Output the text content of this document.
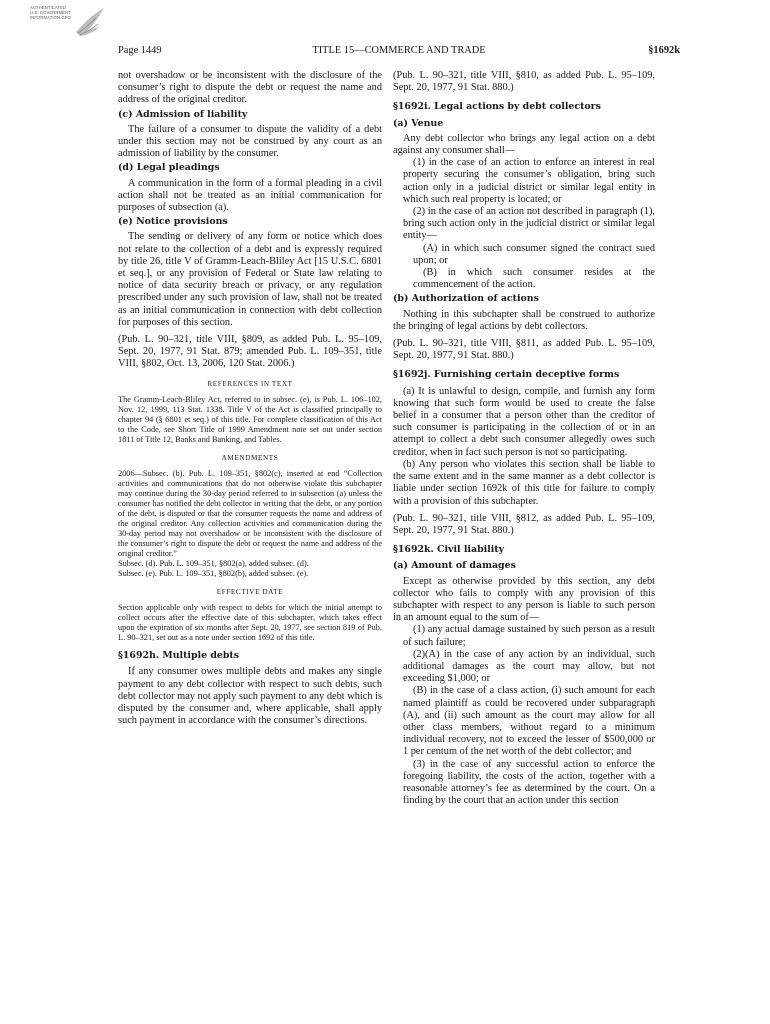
AUTHENTICATED U.S. GOVERNMENT INFORMATION GPO
Page 1449	TITLE 15—COMMERCE AND TRADE	§1692k

not overshadow or be inconsistent with the disclosure of the consumer’s right to dispute the debt or request the name and address of the original creditor.

(c) Admission of liability

The failure of a consumer to dispute the validity of a debt under this section may not be construed by any court as an admission of liability by the consumer.

(d) Legal pleadings

A communication in the form of a formal pleading in a civil action shall not be treated as an initial communication for purposes of subsection (a).

(e) Notice provisions

The sending or delivery of any form or notice which does not relate to the collection of a debt and is expressly required by title 26, title V of Gramm-Leach-Bliley Act [15 U.S.C. 6801 et seq.], or any provision of Federal or State law relating to notice of data security breach or privacy, or any regulation prescribed under any such provision of law, shall not be treated as an initial communication in connection with debt collection for purposes of this section.

(Pub. L. 90–321, title VIII, §809, as added Pub. L. 95–109, Sept. 20, 1977, 91 Stat. 879; amended Pub. L. 109–351, title VIII, §802, Oct. 13, 2006, 120 Stat. 2006.)

REFERENCES IN TEXT

The Gramm-Leach-Bliley Act, referred to in subsec. (e), is Pub. L. 106–102, Nov. 12, 1999, 113 Stat. 1338. Title V of the Act is classified principally to chapter 94 (§ 6801 et seq.) of this title. For complete classification of this Act to the Code, see Short Title of 1999 Amendment note set out under section 1811 of Title 12, Banks and Banking, and Tables.

AMENDMENTS

2006—Subsec. (b). Pub. L. 109–351, §802(c), inserted at end “Collection activities and communications that do not otherwise violate this subchapter may continue during the 30-day period referred to in subsection (a) unless the consumer has notified the debt collector in writing that the debt, or any portion of the debt, is disputed or that the consumer requests the name and address of the original creditor. Any collection activities and communication during the 30-day period may not overshadow or be inconsistent with the disclosure of the consumer’s right to dispute the debt or request the name and address of the original creditor.”

Subsec. (d). Pub. L. 109–351, §802(a), added subsec. (d).

Subsec. (e). Pub. L. 109–351, §802(b), added subsec. (e).

EFFECTIVE DATE

Section applicable only with respect to debts for which the initial attempt to collect occurs after the effective date of this subchapter, which takes effect upon the expiration of six months after Sept. 20, 1977, see section 819 of Pub. L. 90–321, set out as a note under section 1692 of this title.

§1692h. Multiple debts

If any consumer owes multiple debts and makes any single payment to any debt collector with respect to such debts, such debt collector may not apply such payment to any debt which is disputed by the consumer and, where applicable, shall apply such payment in accordance with the consumer’s directions.

(Pub. L. 90–321, title VIII, §810, as added Pub. L. 95–109, Sept. 20, 1977, 91 Stat. 880.)

§1692i. Legal actions by debt collectors

(a) Venue

Any debt collector who brings any legal action on a debt against any consumer shall—

(1) in the case of an action to enforce an interest in real property securing the consumer’s obligation, bring such action only in a judicial district or similar legal entity in which such real property is located; or

(2) in the case of an action not described in paragraph (1), bring such action only in the judicial district or similar legal entity—

(A) in which such consumer signed the contract sued upon; or

(B) in which such consumer resides at the commencement of the action.

(b) Authorization of actions

Nothing in this subchapter shall be construed to authorize the bringing of legal actions by debt collectors.

(Pub. L. 90–321, title VIII, §811, as added Pub. L. 95–109, Sept. 20, 1977, 91 Stat. 880.)

§1692j. Furnishing certain deceptive forms

(a) It is unlawful to design, compile, and furnish any form knowing that such form would be used to create the false belief in a consumer that a person other than the creditor of such consumer is participating in the collection of or in an attempt to collect a debt such consumer allegedly owes such creditor, when in fact such person is not so participating.

(b) Any person who violates this section shall be liable to the same extent and in the same manner as a debt collector is liable under section 1692k of this title for failure to comply with a provision of this subchapter.

(Pub. L. 90–321, title VIII, §812, as added Pub. L. 95–109, Sept. 20, 1977, 91 Stat. 880.)

§1692k. Civil liability

(a) Amount of damages

Except as otherwise provided by this section, any debt collector who fails to comply with any provision of this subchapter with respect to any person is liable to such person in an amount equal to the sum of—

(1) any actual damage sustained by such person as a result of such failure;

(2)(A) in the case of any action by an individual, such additional damages as the court may allow, but not exceeding $1,000; or

(B) in the case of a class action, (i) such amount for each named plaintiff as could be recovered under subparagraph (A), and (ii) such amount as the court may allow for all other class members, without regard to a minimum individual recovery, not to exceed the lesser of $500,000 or 1 per centum of the net worth of the debt collector; and

(3) in the case of any successful action to enforce the foregoing liability, the costs of the action, together with a reasonable attorney’s fee as determined by the court. On a finding by the court that an action under this section
